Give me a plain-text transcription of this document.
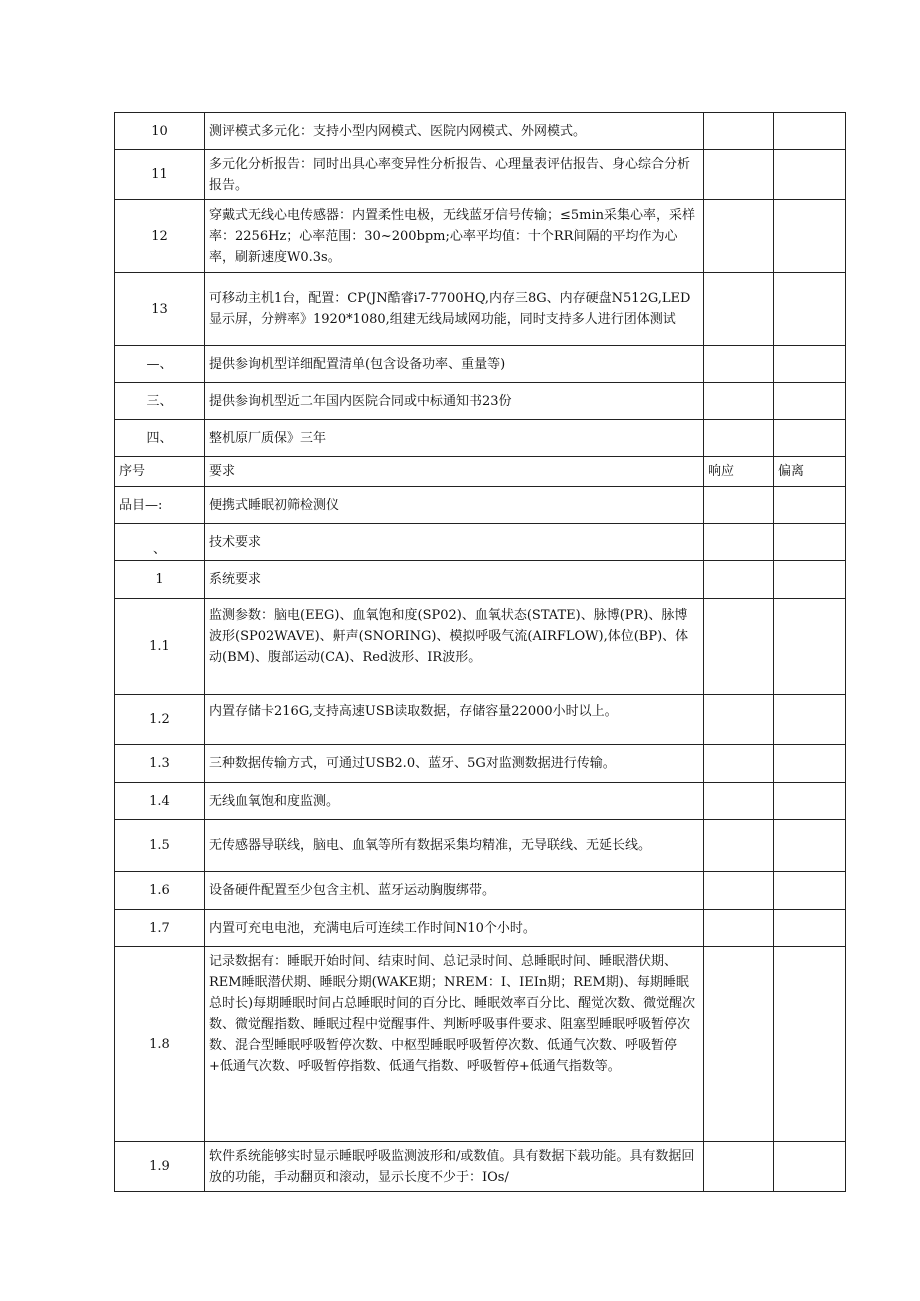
10	测评模式多元化：支持小型内网模式、医院内网模式、外网模式。		
11	多元化分析报告：同时出具心率变异性分析报告、心理量表评估报告、身心综合分析报告。		
12	穿戴式无线心电传感器：内置柔性电极，无线蓝牙信号传输；≤5min采集心率，采样率：2256Hz；心率范围：30~200bpm;心率平均值：十个RR间隔的平均作为心率，刷新速度W0.3s。		
13	可移动主机1台，配置：CP(JN酷睿i7-7700HQ,内存三8G、内存硬盘N512G,LED显示屏，分辨率》1920*1080,组建无线局域网功能，同时支持多人进行团体测试		
—、	提供参询机型详细配置清单(包含设备功率、重量等)		
三、	提供参询机型近二年国内医院合同或中标通知书23份		
四、	整机原厂质保》三年		
序号	要求	响应	偏离
品目—:	便携式睡眠初筛检测仪		
、	技术要求		
1	系统要求		
1.1	监测参数：脑电(EEG)、血氧饱和度(SP02)、血氧状态(STATE)、脉博(PR)、脉博波形(SP02WAVE)、鼾声(SNORING)、模拟呼吸气流(AIRFLOW),体位(BP)、体动(BM)、腹部运动(CA)、Red波形、IR波形。		
1.2	内置存储卡216G,支持高速USB读取数据，存储容量22000小时以上。		
1.3	三种数据传输方式，可通过USB2.0、蓝牙、5G对监测数据进行传输。		
1.4	无线血氧饱和度监测。		
1.5	无传感器导联线，脑电、血氧等所有数据采集均精准，无导联线、无延长线。		
1.6	设备硬件配置至少包含主机、蓝牙运动胸腹绑带。		
1.7	内置可充电电池，充满电后可连续工作时间N10个小时。		
1.8	记录数据有：睡眠开始时间、结束时间、总记录时间、总睡眠时间、睡眠潜伏期、REM睡眠潜伏期、睡眠分期(WAKE期；NREM：I、IEIn期；REM期)、每期睡眠总时长)每期睡眠时间占总睡眠时间的百分比、睡眠效率百分比、醒觉次数、微觉醒次数、微觉醒指数、睡眠过程中觉醒事件、判断呼吸事件要求、阻塞型睡眠呼吸暂停次数、混合型睡眠呼吸暂停次数、中枢型睡眠呼吸暂停次数、低通气次数、呼吸暂停+低通气次数、呼吸暂停指数、低通气指数、呼吸暂停+低通气指数等。		
1.9	软件系统能够实时显示睡眠呼吸监测波形和/或数值。具有数据下载功能。具有数据回放的功能，手动翻页和滚动，显示长度不少于：IOs/		
